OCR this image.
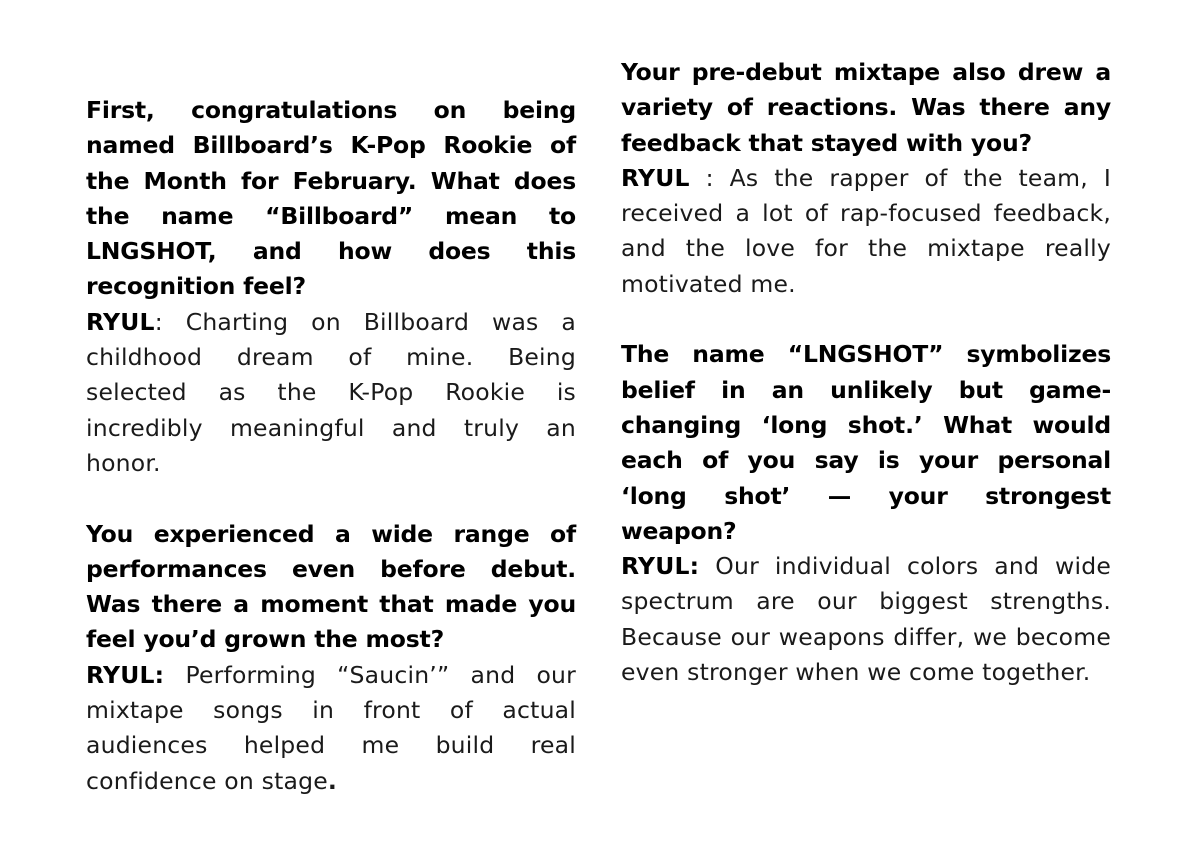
First, congratulations on being named Billboard’s K-Pop Rookie of the Month for February. What does the name “Billboard” mean to LNGSHOT, and how does this recognition feel?
RYUL: Charting on Billboard was a childhood dream of mine. Being selected as the K-Pop Rookie is incredibly meaningful and truly an honor.
You experienced a wide range of performances even before debut. Was there a moment that made you feel you’d grown the most?
RYUL: Performing “Saucin’” and our mixtape songs in front of actual audiences helped me build real confidence on stage.
Your pre-debut mixtape also drew a variety of reactions. Was there any feedback that stayed with you?
RYUL : As the rapper of the team, I received a lot of rap-focused feedback, and the love for the mixtape really motivated me.
The name “LNGSHOT” symbolizes belief in an unlikely but game-changing ‘long shot.’ What would each of you say is your personal ‘long shot’ — your strongest weapon?
RYUL: Our individual colors and wide spectrum are our biggest strengths. Because our weapons differ, we become even stronger when we come together.
